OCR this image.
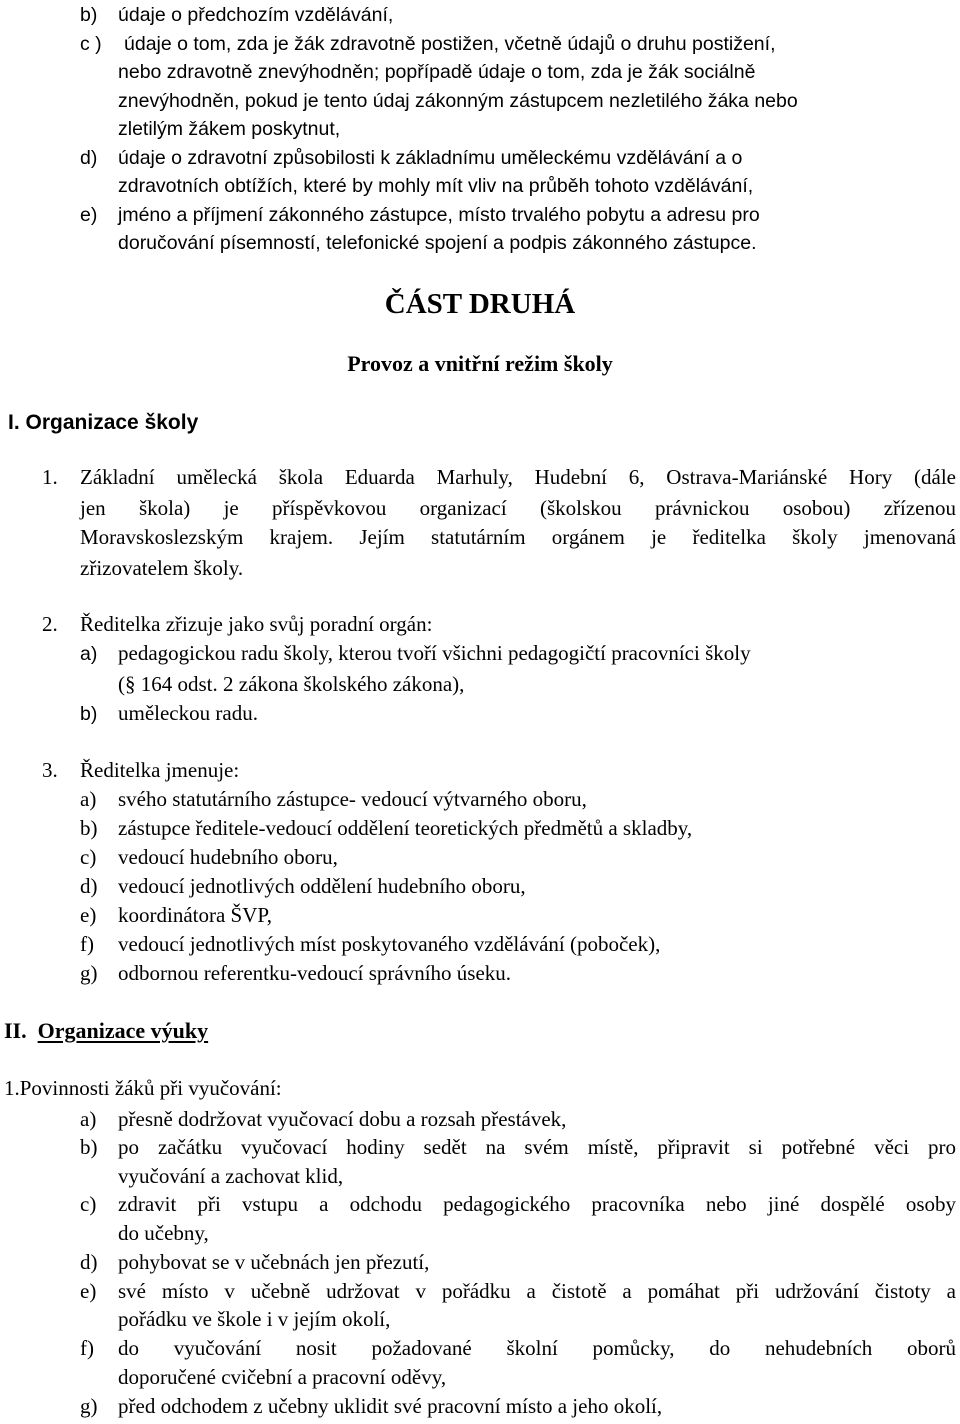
b) údaje o předchozím vzdělávání,
c ) údaje o tom, zda je žák zdravotně postižen, včetně údajů o druhu postižení,
nebo zdravotně znevýhodněn; popřípadě údaje o tom, zda je žák sociálně
znevýhodněn, pokud je tento údaj zákonným zástupcem nezletilého žáka nebo
zletilým žákem poskytnut,
d) údaje o zdravotní způsobilosti k základnímu uměleckému vzdělávání a o
zdravotních obtížích, které by mohly mít vliv na průběh tohoto vzdělávání,
e) jméno a příjmení zákonného zástupce, místo trvalého pobytu a adresu pro
doručování písemností, telefonické spojení a podpis zákonného zástupce.
ČÁST DRUHÁ
Provoz a vnitřní režim školy
I. Organizace školy
1. Základní umělecká škola Eduarda Marhuly, Hudební 6, Ostrava-Mariánské Hory (dále
jen škola) je příspěvkovou organizací (školskou právnickou osobou) zřízenou
Moravskoslezským krajem. Jejím statutárním orgánem je ředitelka školy jmenovaná
zřizovatelem školy.
2. Ředitelka zřizuje jako svůj poradní orgán:
a) pedagogickou radu školy, kterou tvoří všichni pedagogičtí pracovníci školy
(§ 164 odst. 2 zákona školského zákona),
b) uměleckou radu.
3. Ředitelka jmenuje:
a) svého statutárního zástupce- vedoucí výtvarného oboru,
b) zástupce ředitele-vedoucí oddělení teoretických předmětů a skladby,
c) vedoucí hudebního oboru,
d) vedoucí jednotlivých oddělení hudebního oboru,
e) koordinátora ŠVP,
f) vedoucí jednotlivých míst poskytovaného vzdělávání (poboček),
g) odbornou referentku-vedoucí správního úseku.
II. Organizace výuky
1.Povinnosti žáků při vyučování:
a) přesně dodržovat vyučovací dobu a rozsah přestávek,
b) po začátku vyučovací hodiny sedět na svém místě, připravit si potřebné věci pro
vyučování a zachovat klid,
c) zdravit při vstupu a odchodu pedagogického pracovníka nebo jiné dospělé osoby
do učebny,
d) pohybovat se v učebnách jen přezutí,
e) své místo v učebně udržovat v pořádku a čistotě a pomáhat při udržování čistoty a
pořádku ve škole i v jejím okolí,
f) do vyučování nosit požadované školní pomůcky, do nehudebních oborů
doporučené cvičební a pracovní oděvy,
g) před odchodem z učebny uklidit své pracovní místo a jeho okolí,
